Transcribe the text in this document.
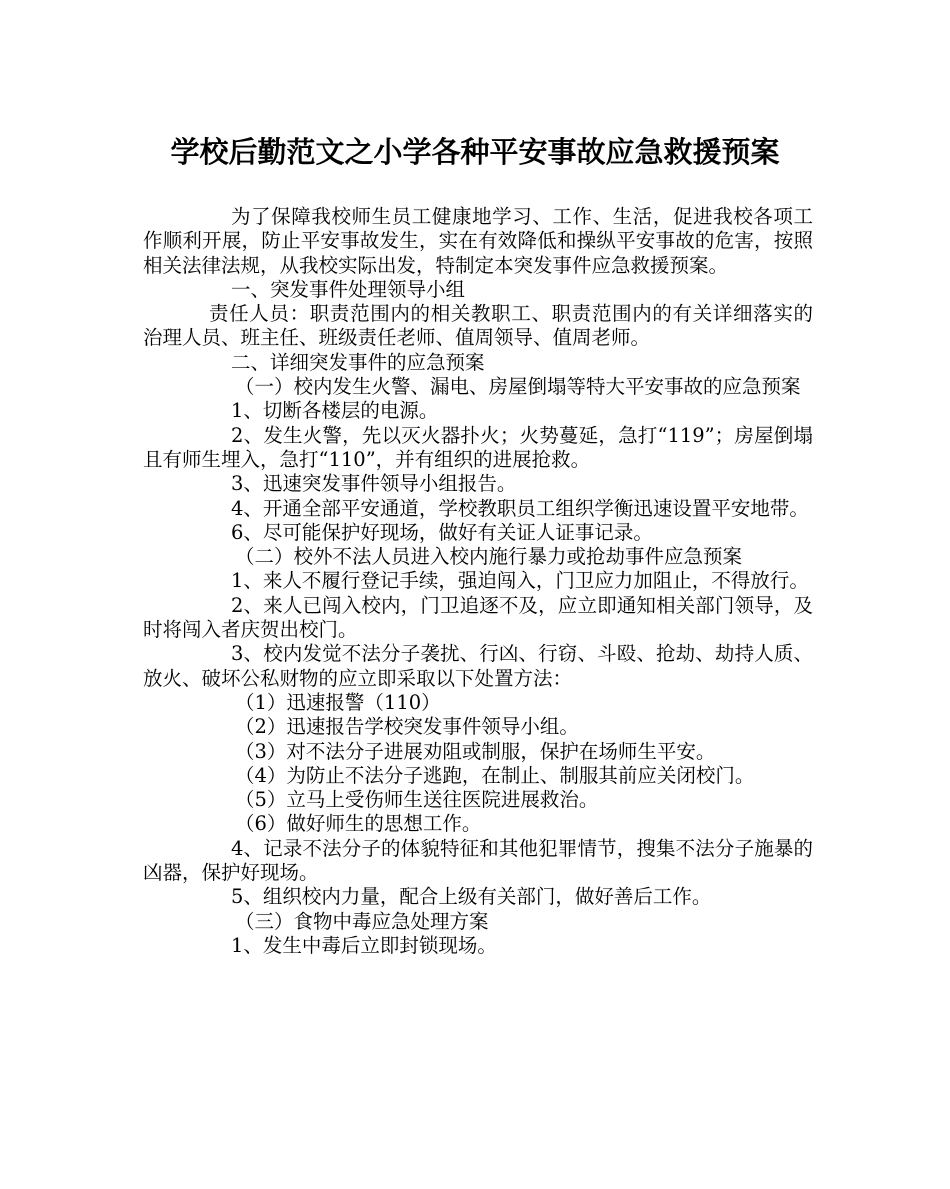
学校后勤范文之小学各种平安事故应急救援预案

为了保障我校师生员工健康地学习、工作、生活，促进我校各项工作顺利开展，防止平安事故发生，实在有效降低和操纵平安事故的危害，按照相关法律法规，从我校实际出发，特制定本突发事件应急救援预案。

一、突发事件处理领导小组

责任人员：职责范围内的相关教职工、职责范围内的有关详细落实的治理人员、班主任、班级责任老师、值周领导、值周老师。

二、详细突发事件的应急预案

（一）校内发生火警、漏电、房屋倒塌等特大平安事故的应急预案

1、切断各楼层的电源。

2、发生火警，先以灭火器扑火；火势蔓延，急打“119”；房屋倒塌且有师生埋入，急打“110”，并有组织的进展抢救。

3、迅速突发事件领导小组报告。

4、开通全部平安通道，学校教职员工组织学衡迅速设置平安地带。

6、尽可能保护好现场，做好有关证人证事记录。

（二）校外不法人员进入校内施行暴力或抢劫事件应急预案

1、来人不履行登记手续，强迫闯入，门卫应力加阻止，不得放行。

2、来人已闯入校内，门卫追逐不及，应立即通知相关部门领导，及时将闯入者庆贺出校门。

3、校内发觉不法分子袭扰、行凶、行窃、斗殴、抢劫、劫持人质、放火、破坏公私财物的应立即采取以下处置方法：

（1）迅速报警（110）

（2）迅速报告学校突发事件领导小组。

（3）对不法分子进展劝阻或制服，保护在场师生平安。

（4）为防止不法分子逃跑，在制止、制服其前应关闭校门。

（5）立马上受伤师生送往医院进展救治。

（6）做好师生的思想工作。

4、记录不法分子的体貌特征和其他犯罪情节，搜集不法分子施暴的凶器，保护好现场。

5、组织校内力量，配合上级有关部门，做好善后工作。

（三）食物中毒应急处理方案

1、发生中毒后立即封锁现场。
